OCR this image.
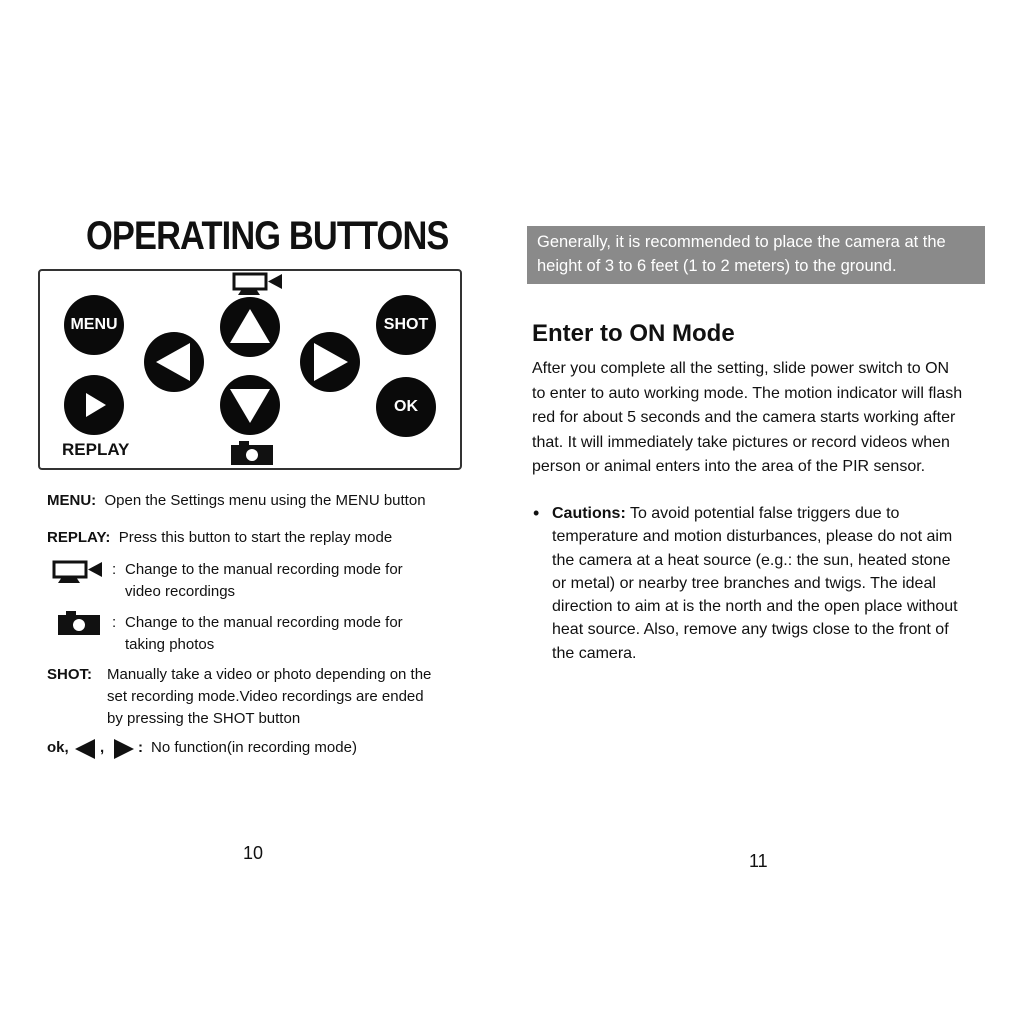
OPERATING BUTTONS
MENU	SHOT
OK
REPLAY
MENU: Open the Settings menu using the MENU button
REPLAY: Press this button to start the replay mode
: Change to the manual recording mode for
video recordings
: Change to the manual recording mode for
taking photos
SHOT: Manually take a video or photo depending on the
set recording mode.Video recordings are ended
by pressing the SHOT button
ok, , : No function(in recording mode)
10
Generally, it is recommended to place the camera at the
height of 3 to 6 feet (1 to 2 meters) to the ground.
Enter to ON Mode
After you complete all the setting, slide power switch to ON
to enter to auto working mode. The motion indicator will flash
red for about 5 seconds and the camera starts working after
that. It will immediately take pictures or record videos when
person or animal enters into the area of the PIR sensor.
• Cautions: To avoid potential false triggers due to
temperature and motion disturbances, please do not aim
the camera at a heat source (e.g.: the sun, heated stone
or metal) or nearby tree branches and twigs. The ideal
direction to aim at is the north and the open place without
heat source. Also, remove any twigs close to the front of
the camera.
11
